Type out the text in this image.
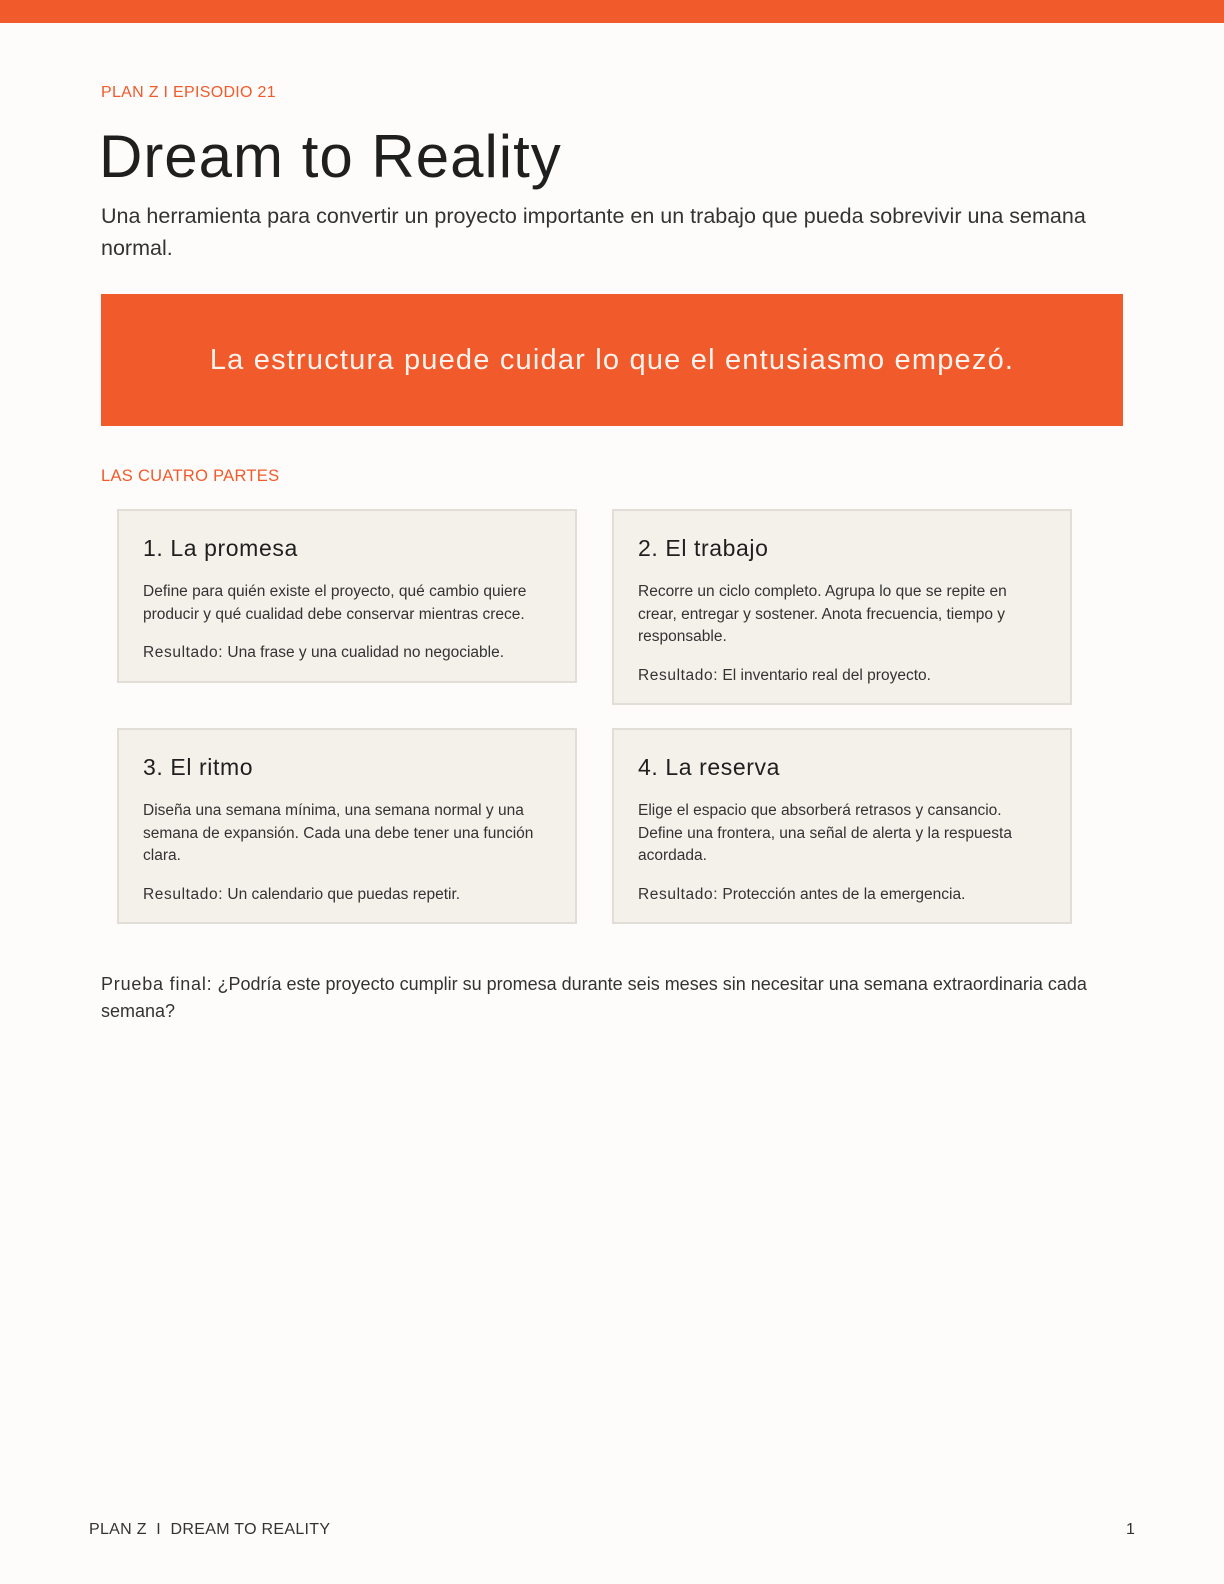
PLAN Z I EPISODIO 21
Dream to Reality

Una herramienta para convertir un proyecto importante en un trabajo que pueda sobrevivir una semana normal.

La estructura puede cuidar lo que el entusiasmo empezó.
LAS CUATRO PARTES
1. La promesa
Define para quién existe el proyecto, qué cambio quiere producir y qué cualidad debe conservar mientras crece.
Resultado: Una frase y una cualidad no negociable.
2. El trabajo
Recorre un ciclo completo. Agrupa lo que se repite en crear, entregar y sostener. Anota frecuencia, tiempo y responsable.
Resultado: El inventario real del proyecto.
3. El ritmo
Diseña una semana mínima, una semana normal y una semana de expansión. Cada una debe tener una función clara.
Resultado: Un calendario que puedas repetir.
4. La reserva
Elige el espacio que absorberá retrasos y cansancio. Define una frontera, una señal de alerta y la respuesta acordada.
Resultado: Protección antes de la emergencia.

Prueba final: ¿Podría este proyecto cumplir su promesa durante seis meses sin necesitar una semana extraordinaria cada semana?

PLAN Z  I  DREAM TO REALITY	1
